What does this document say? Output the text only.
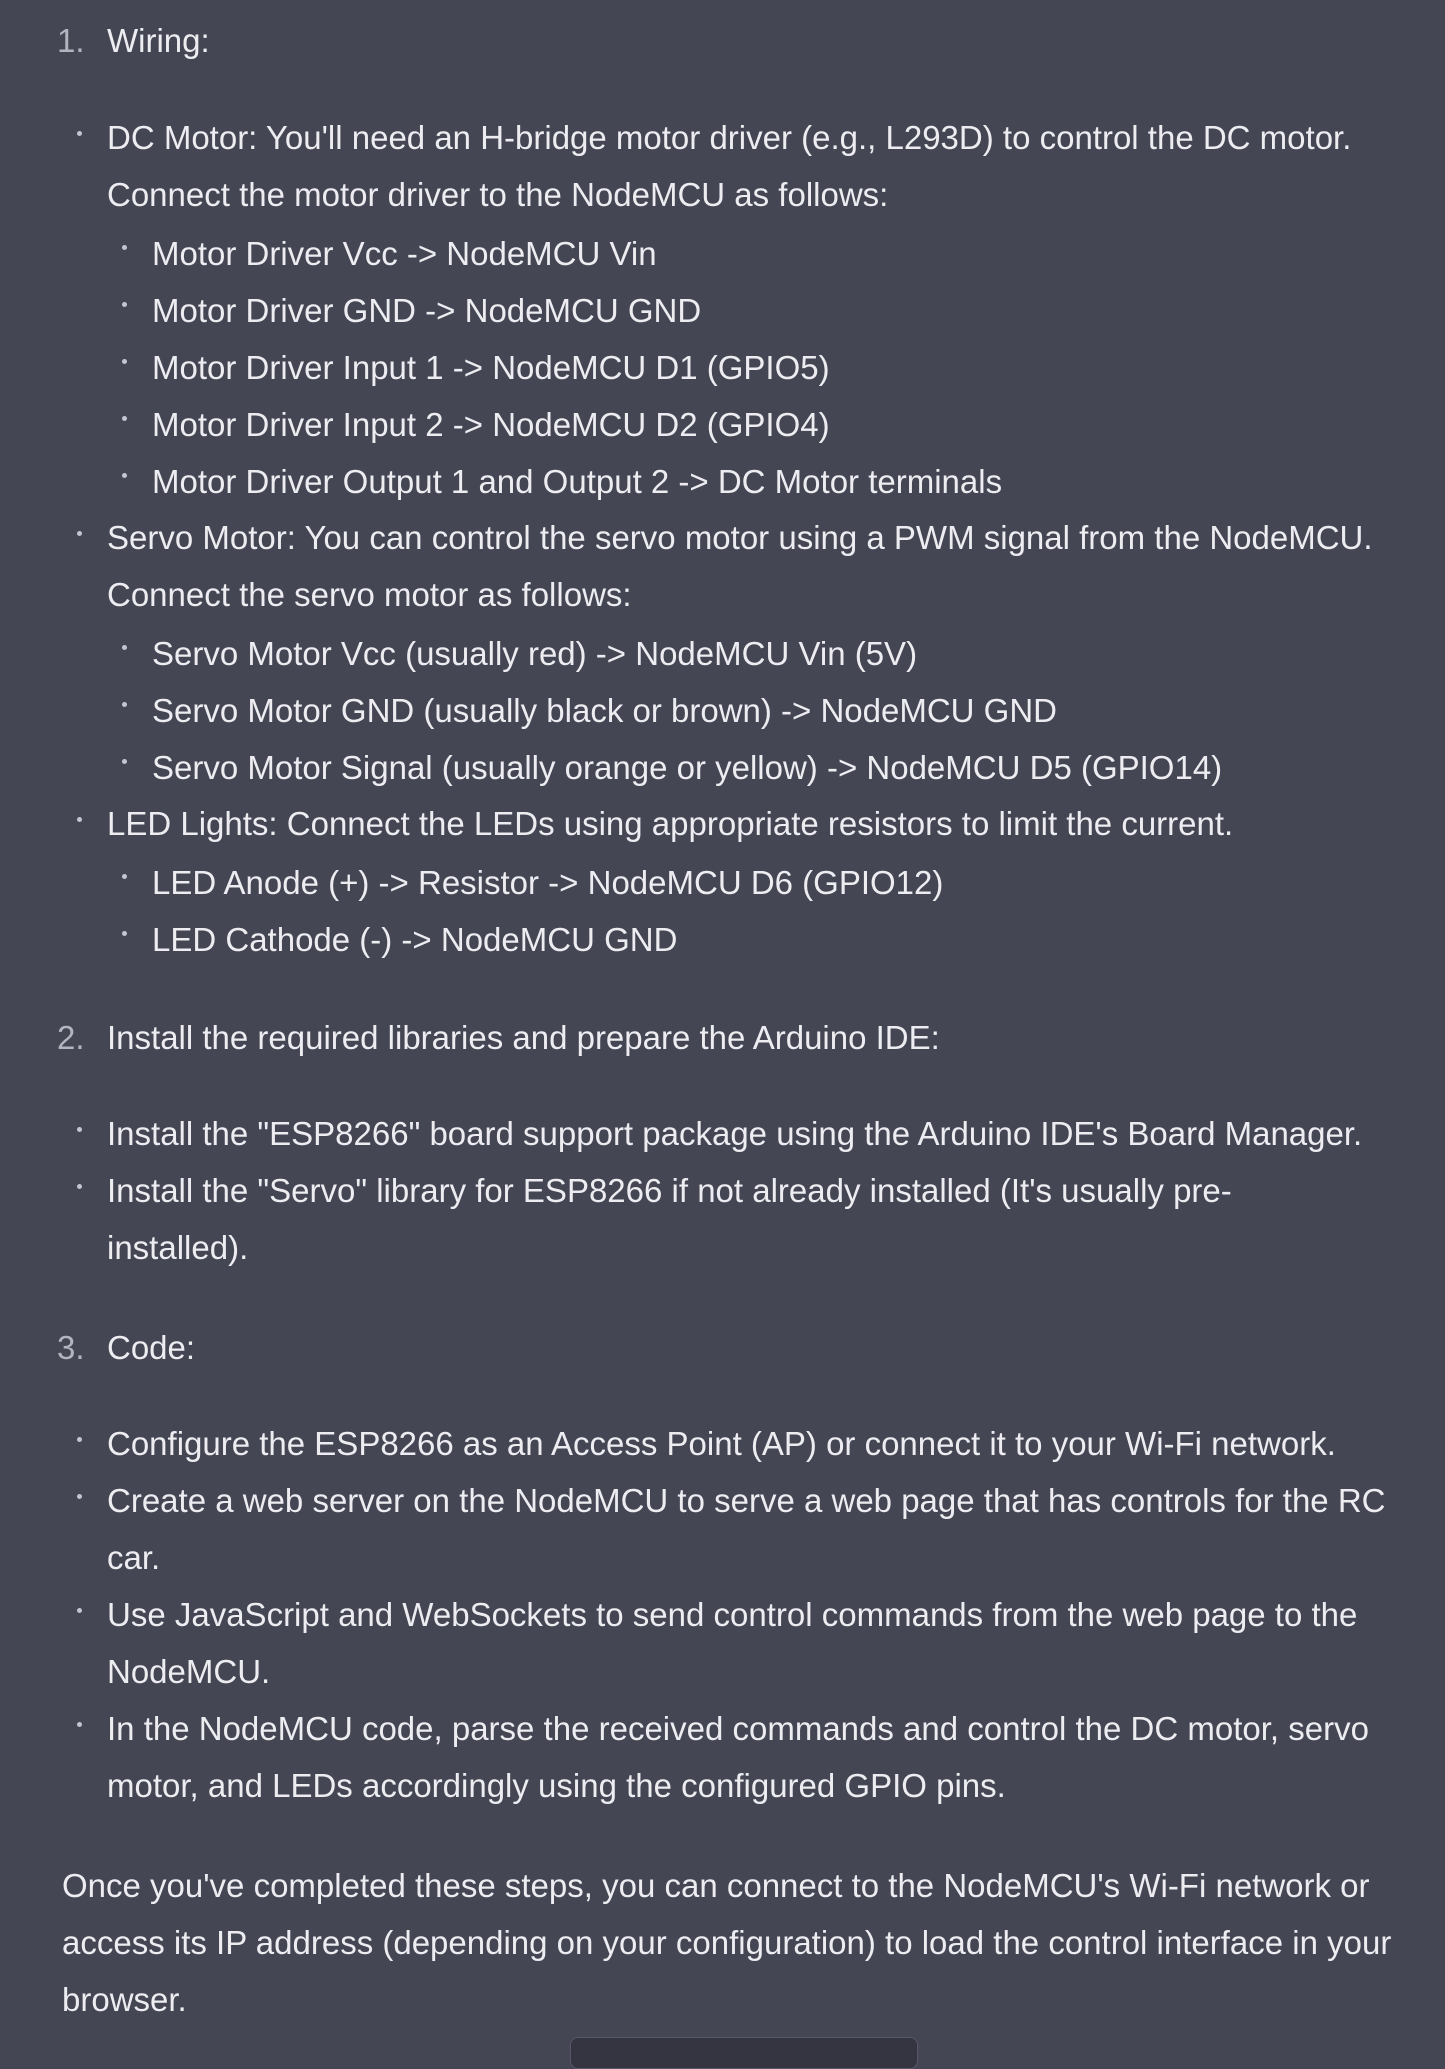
1. Wiring:
DC Motor: You'll need an H-bridge motor driver (e.g., L293D) to control the DC motor. Connect the motor driver to the NodeMCU as follows:
Motor Driver Vcc -> NodeMCU Vin
Motor Driver GND -> NodeMCU GND
Motor Driver Input 1 -> NodeMCU D1 (GPIO5)
Motor Driver Input 2 -> NodeMCU D2 (GPIO4)
Motor Driver Output 1 and Output 2 -> DC Motor terminals
Servo Motor: You can control the servo motor using a PWM signal from the NodeMCU. Connect the servo motor as follows:
Servo Motor Vcc (usually red) -> NodeMCU Vin (5V)
Servo Motor GND (usually black or brown) -> NodeMCU GND
Servo Motor Signal (usually orange or yellow) -> NodeMCU D5 (GPIO14)
LED Lights: Connect the LEDs using appropriate resistors to limit the current.
LED Anode (+) -> Resistor -> NodeMCU D6 (GPIO12)
LED Cathode (-) -> NodeMCU GND
2. Install the required libraries and prepare the Arduino IDE:
Install the "ESP8266" board support package using the Arduino IDE's Board Manager.
Install the "Servo" library for ESP8266 if not already installed (It's usually pre-installed).
3. Code:
Configure the ESP8266 as an Access Point (AP) or connect it to your Wi-Fi network.
Create a web server on the NodeMCU to serve a web page that has controls for the RC car.
Use JavaScript and WebSockets to send control commands from the web page to the NodeMCU.
In the NodeMCU code, parse the received commands and control the DC motor, servo motor, and LEDs accordingly using the configured GPIO pins.
Once you've completed these steps, you can connect to the NodeMCU's Wi-Fi network or access its IP address (depending on your configuration) to load the control interface in your browser.
